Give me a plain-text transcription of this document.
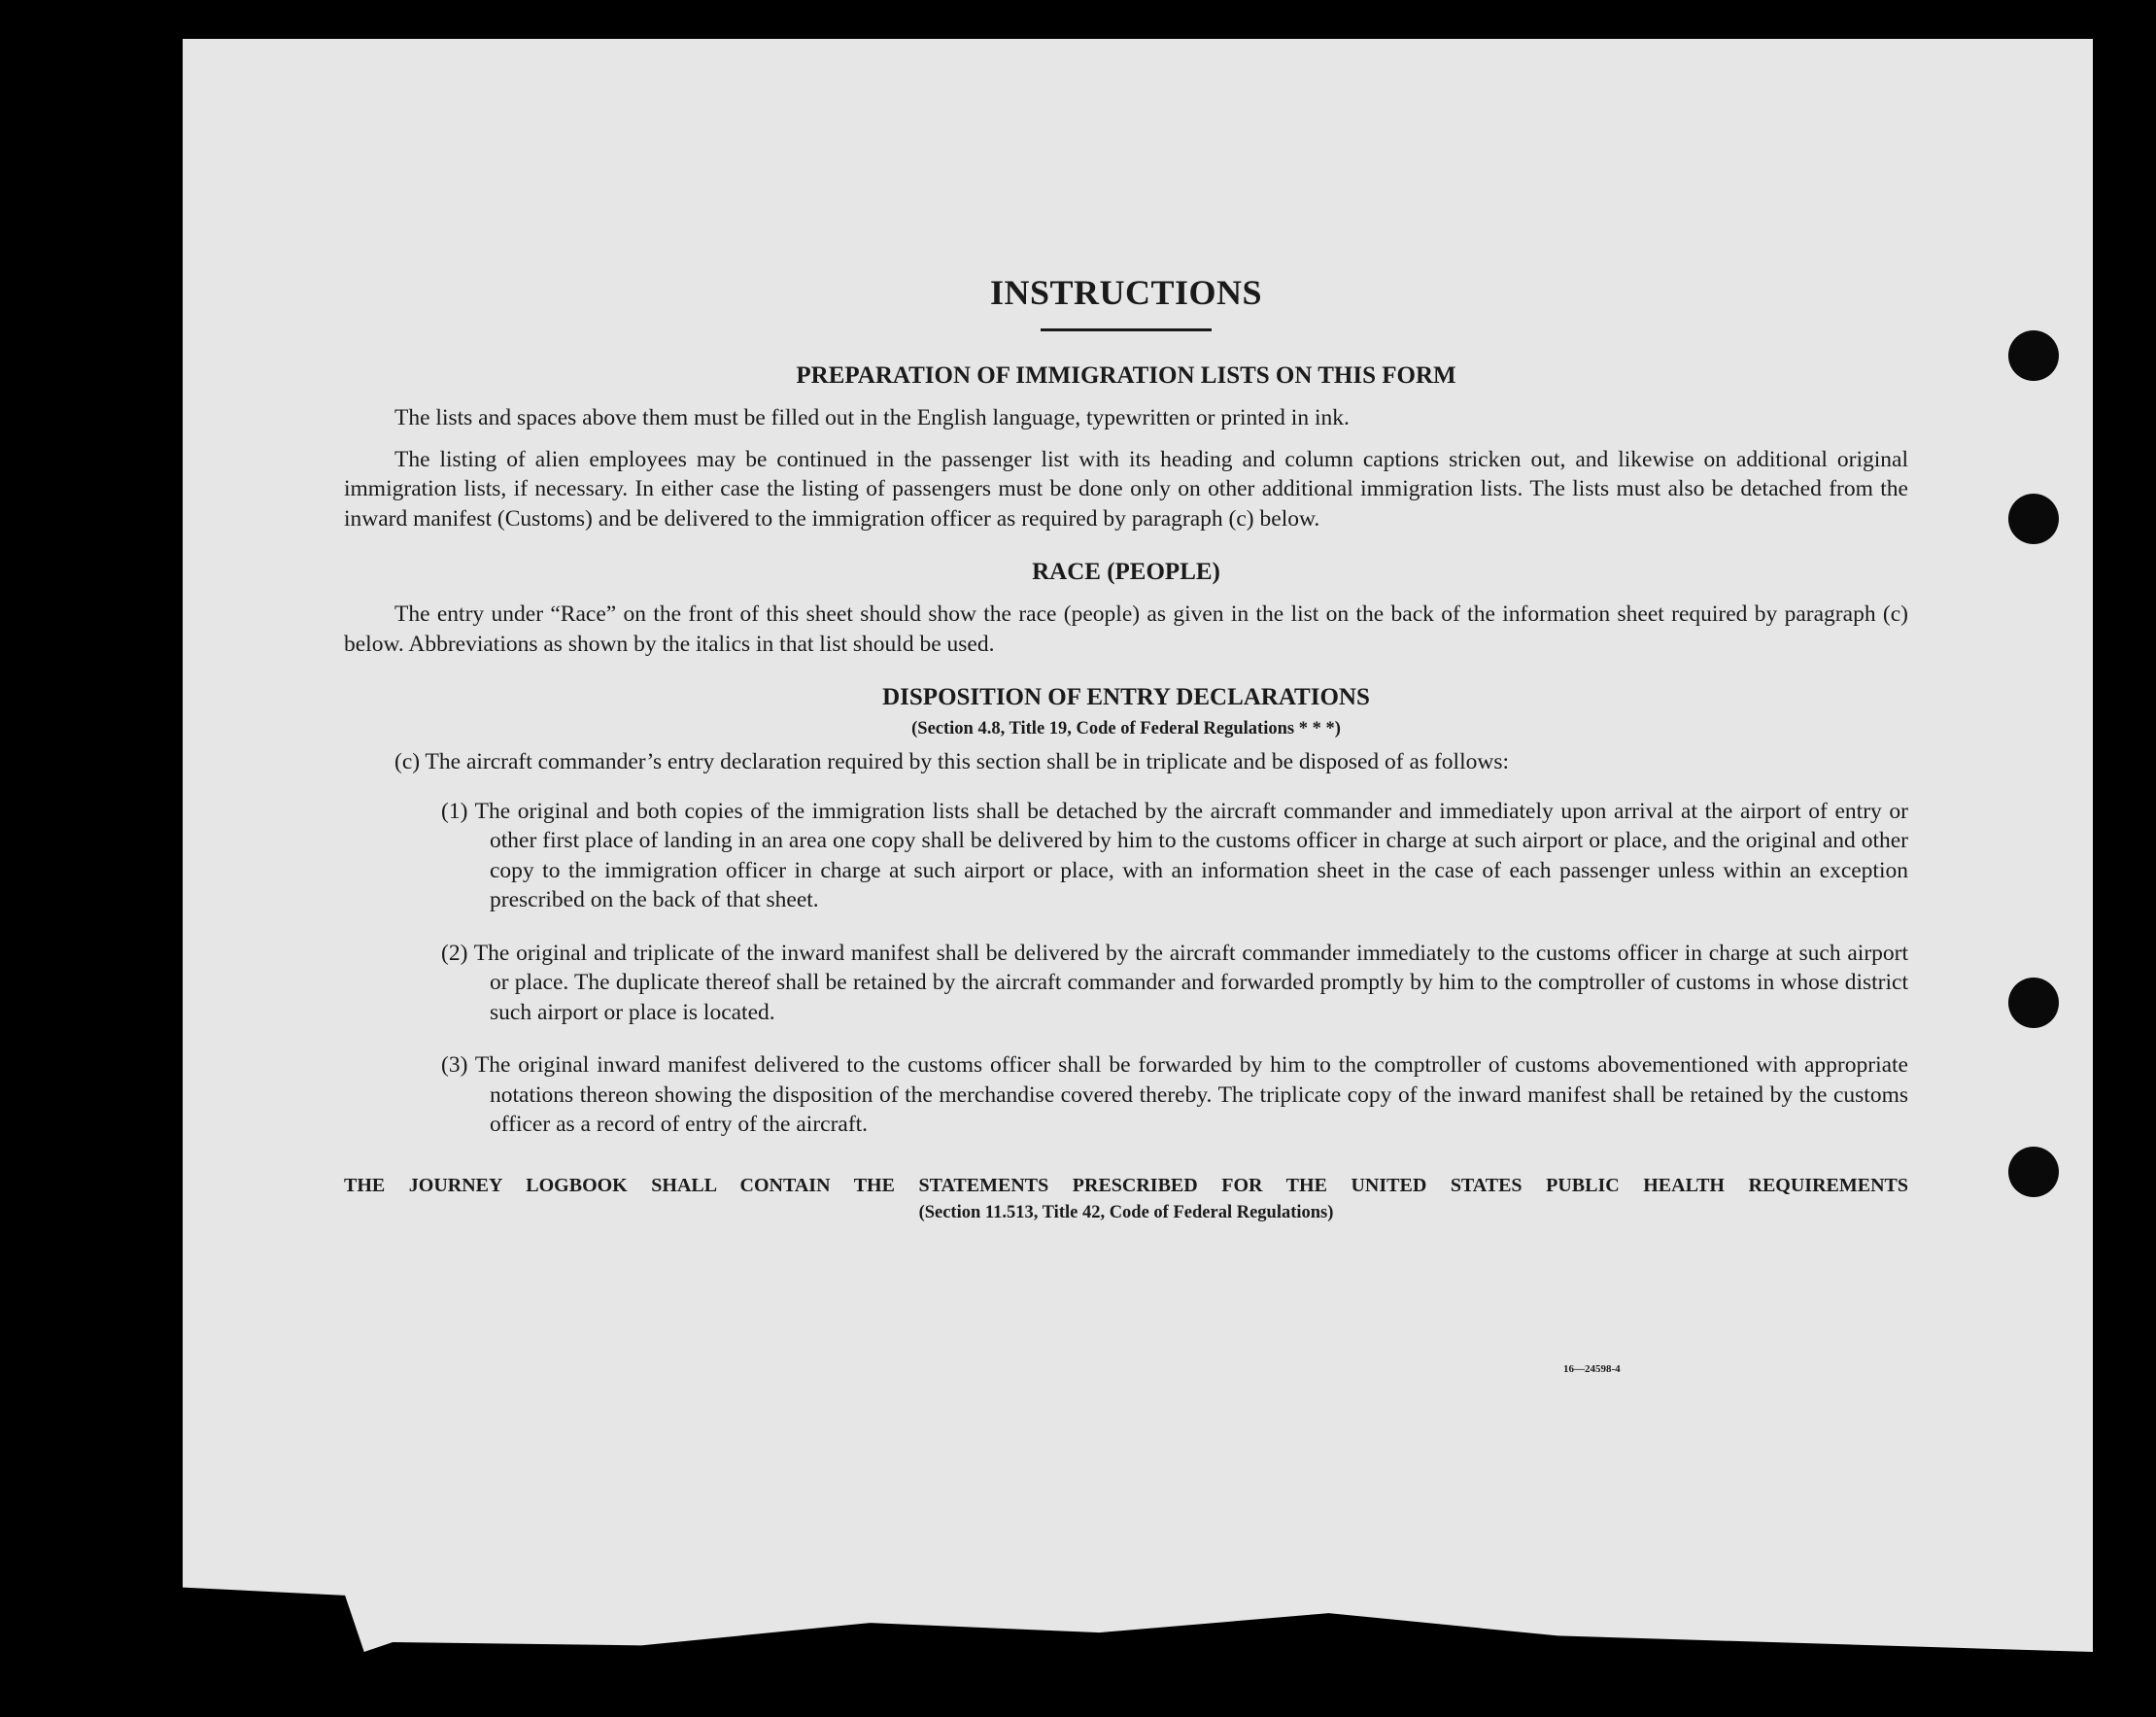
INSTRUCTIONS
PREPARATION OF IMMIGRATION LISTS ON THIS FORM

The lists and spaces above them must be filled out in the English language, typewritten or printed in ink.

The listing of alien employees may be continued in the passenger list with its heading and column captions stricken out, and likewise on additional original immigration lists, if necessary. In either case the listing of passengers must be done only on other additional immigration lists. The lists must also be detached from the inward manifest (Customs) and be delivered to the immigration officer as required by paragraph (c) below.

RACE (PEOPLE)

The entry under “Race” on the front of this sheet should show the race (people) as given in the list on the back of the information sheet required by paragraph (c) below. Abbreviations as shown by the italics in that list should be used.

DISPOSITION OF ENTRY DECLARATIONS
(Section 4.8, Title 19, Code of Federal Regulations * * *)

(c) The aircraft commander’s entry declaration required by this section shall be in triplicate and be disposed of as follows:

(1) The original and both copies of the immigration lists shall be detached by the aircraft commander and immediately upon arrival at the airport of entry or other first place of landing in an area one copy shall be delivered by him to the customs officer in charge at such airport or place, and the original and other copy to the immigration officer in charge at such airport or place, with an information sheet in the case of each passenger unless within an exception prescribed on the back of that sheet.

(2) The original and triplicate of the inward manifest shall be delivered by the aircraft commander immediately to the customs officer in charge at such airport or place. The duplicate thereof shall be retained by the aircraft commander and forwarded promptly by him to the comptroller of customs in whose district such airport or place is located.

(3) The original inward manifest delivered to the customs officer shall be forwarded by him to the comptroller of customs abovementioned with appropriate notations thereon showing the disposition of the merchandise covered thereby. The triplicate copy of the inward manifest shall be retained by the customs officer as a record of entry of the aircraft.

THE JOURNEY LOGBOOK SHALL CONTAIN THE STATEMENTS PRESCRIBED FOR THE UNITED STATES PUBLIC HEALTH REQUIREMENTS
(Section 11.513, Title 42, Code of Federal Regulations)
16—24598-4
